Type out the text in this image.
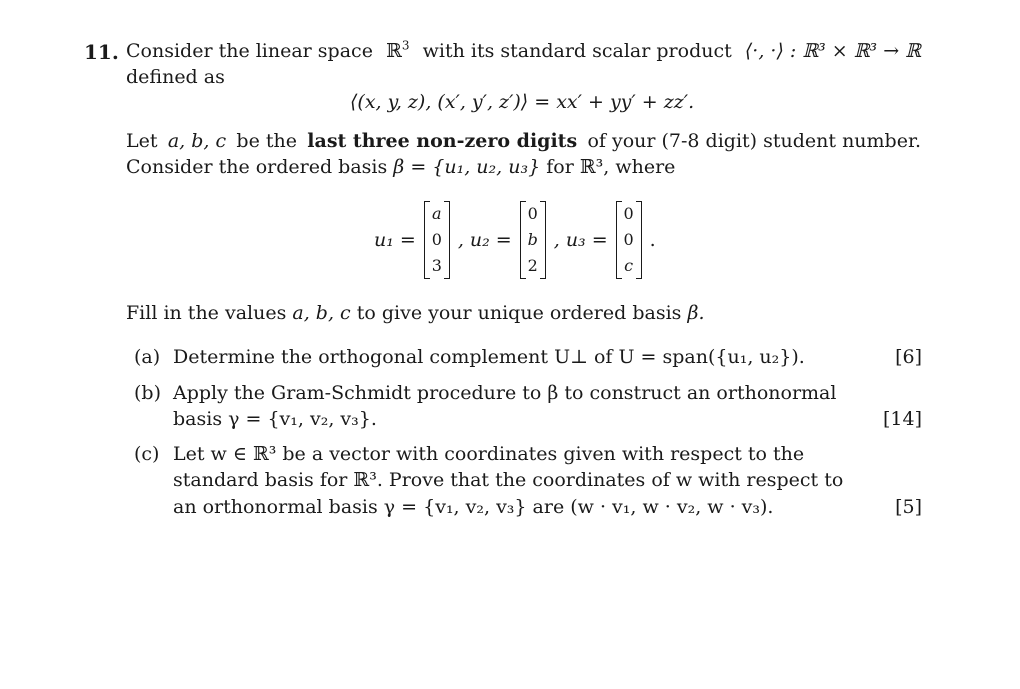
11. Consider the linear space ℝ$^3$ with its standard scalar product ⟨·, ·⟩ : ℝ³ × ℝ³ → ℝ
defined as
⟨(x, y, z), (x′, y′, z′)⟩ = xx′ + yy′ + zz′.
Let a, b, c be the last three non-zero digits of your (7-8 digit) student number.
Consider the ordered basis β = {u₁, u₂, u₃} for ℝ³, where
u₁ =
a
0
3
, u₂ =
0
b
2
, u₃ =
0
0
c
.
Fill in the values a, b, c to give your unique ordered basis β.
(a) Determine the orthogonal complement U⊥ of U = span({u₁, u₂}).	[6]
(b) Apply the Gram-Schmidt procedure to β to construct an orthonormal
basis γ = {v₁, v₂, v₃}.	[14]
(c) Let w ∈ ℝ³ be a vector with coordinates given with respect to the
standard basis for ℝ³. Prove that the coordinates of w with respect to
an orthonormal basis γ = {v₁, v₂, v₃} are (w · v₁, w · v₂, w · v₃).	[5]
